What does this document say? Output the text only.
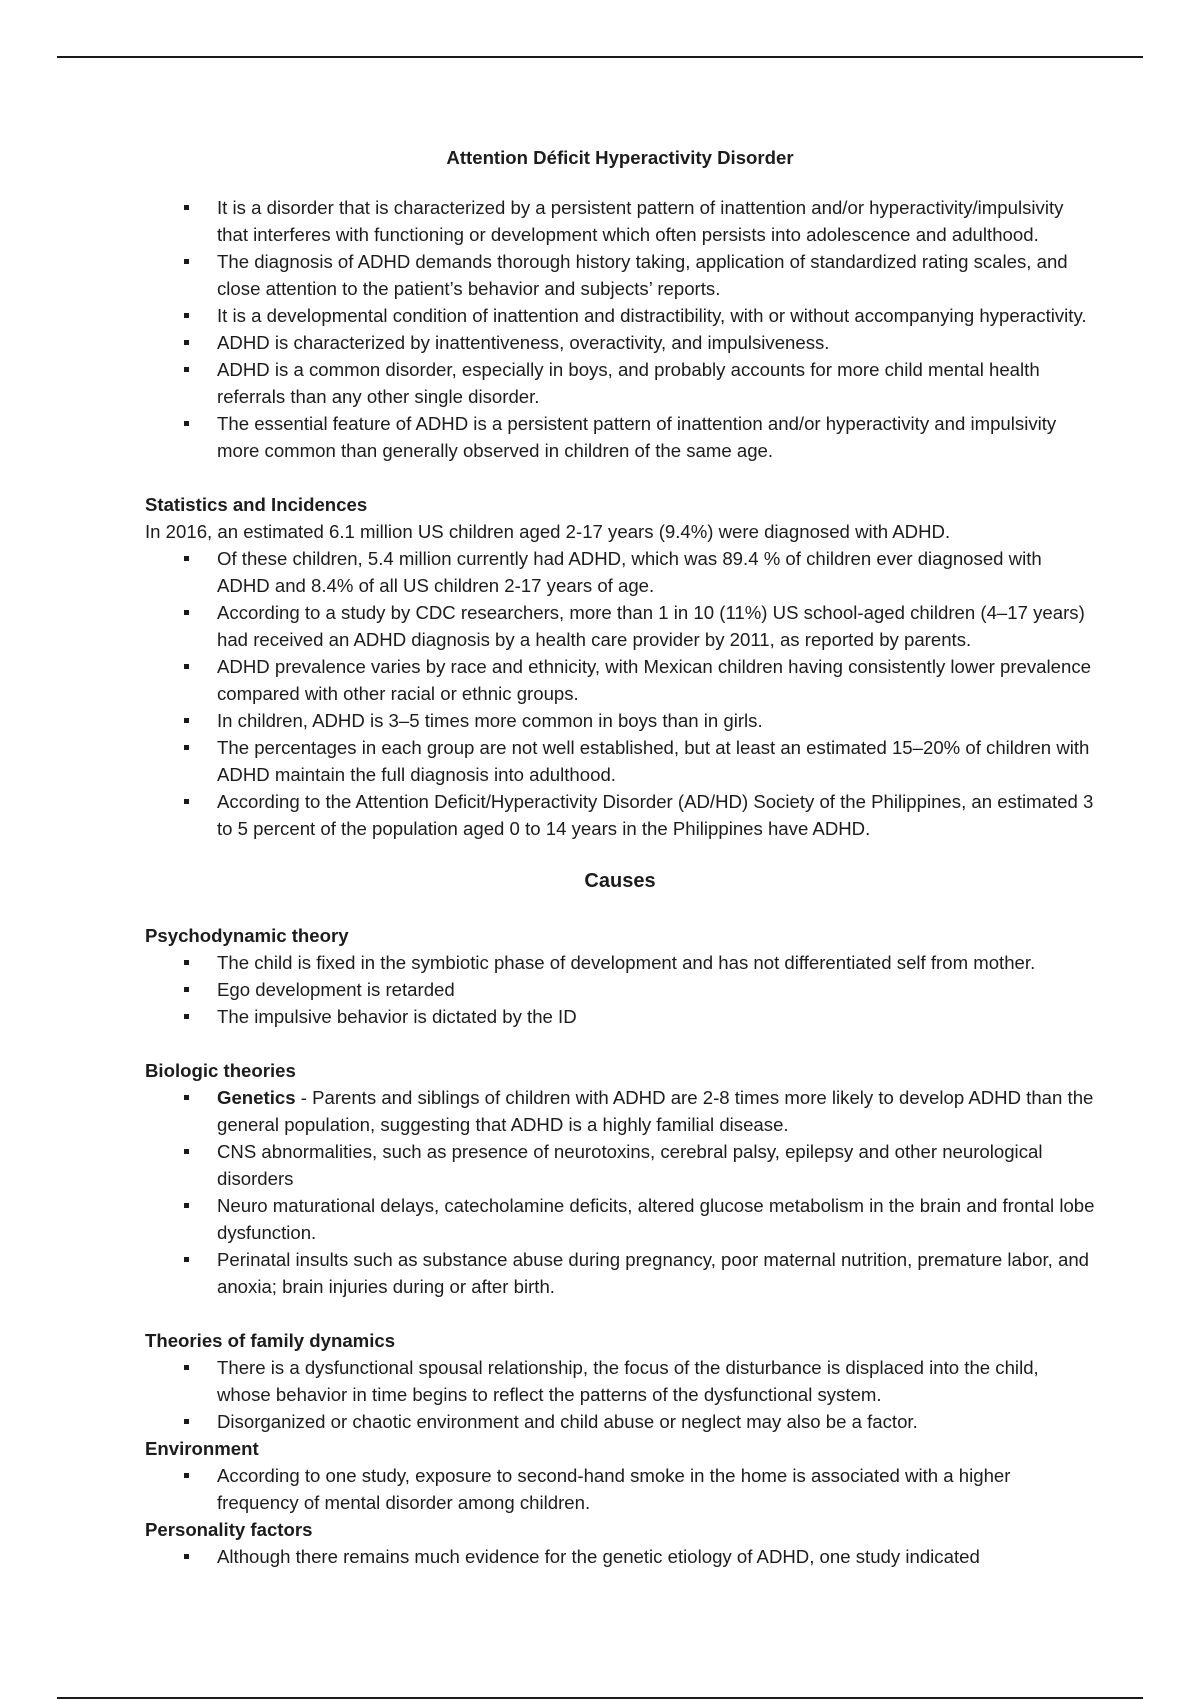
Attention Déficit Hyperactivity Disorder
It is a disorder that is characterized by a persistent pattern of inattention and/or hyperactivity/impulsivity that interferes with functioning or development which often persists into adolescence and adulthood.
The diagnosis of ADHD demands thorough history taking, application of standardized rating scales, and close attention to the patient’s behavior and subjects’ reports.
It is a developmental condition of inattention and distractibility, with or without accompanying hyperactivity.
ADHD is characterized by inattentiveness, overactivity, and impulsiveness.
ADHD is a common disorder, especially in boys, and probably accounts for more child mental health referrals than any other single disorder.
The essential feature of ADHD is a persistent pattern of inattention and/or hyperactivity and impulsivity more common than generally observed in children of the same age.
Statistics and Incidences
In 2016, an estimated 6.1 million US children aged 2-17 years (9.4%) were diagnosed with ADHD.
Of these children, 5.4 million currently had ADHD, which was 89.4 % of children ever diagnosed with ADHD and 8.4% of all US children 2-17 years of age.
According to a study by CDC researchers, more than 1 in 10 (11%) US school-aged children (4–17 years) had received an ADHD diagnosis by a health care provider by 2011, as reported by parents.
ADHD prevalence varies by race and ethnicity, with Mexican children having consistently lower prevalence compared with other racial or ethnic groups.
In children, ADHD is 3–5 times more common in boys than in girls.
The percentages in each group are not well established, but at least an estimated 15–20% of children with ADHD maintain the full diagnosis into adulthood.
According to the Attention Deficit/Hyperactivity Disorder (AD/HD) Society of the Philippines, an estimated 3 to 5 percent of the population aged 0 to 14 years in the Philippines have ADHD.
Causes
Psychodynamic theory
The child is fixed in the symbiotic phase of development and has not differentiated self from mother.
Ego development is retarded
The impulsive behavior is dictated by the ID
Biologic theories
Genetics - Parents and siblings of children with ADHD are 2-8 times more likely to develop ADHD than the general population, suggesting that ADHD is a highly familial disease.
CNS abnormalities, such as presence of neurotoxins, cerebral palsy, epilepsy and other neurological disorders
Neuro maturational delays, catecholamine deficits, altered glucose metabolism in the brain and frontal lobe dysfunction.
Perinatal insults such as substance abuse during pregnancy, poor maternal nutrition, premature labor, and anoxia; brain injuries during or after birth.
Theories of family dynamics
There is a dysfunctional spousal relationship, the focus of the disturbance is displaced into the child, whose behavior in time begins to reflect the patterns of the dysfunctional system.
Disorganized or chaotic environment and child abuse or neglect may also be a factor.
Environment
According to one study, exposure to second-hand smoke in the home is associated with a higher frequency of mental disorder among children.
Personality factors
Although there remains much evidence for the genetic etiology of ADHD, one study indicated
